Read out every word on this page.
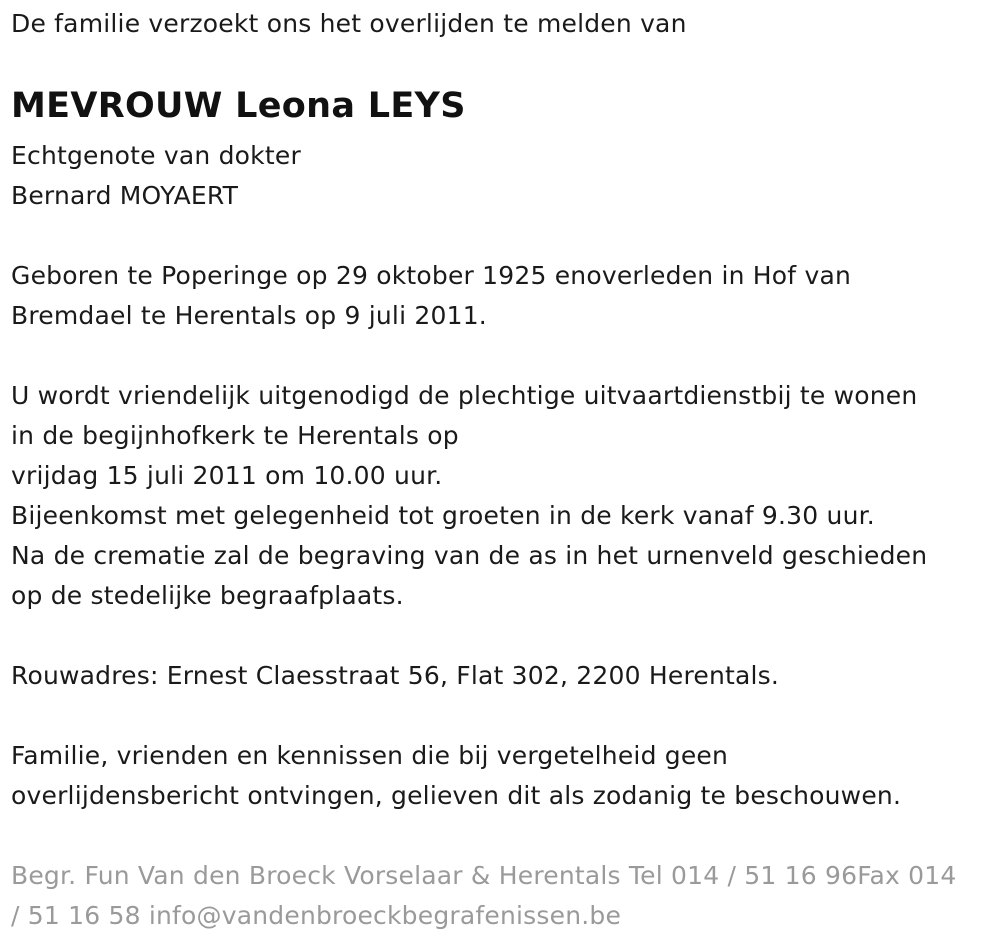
De familie verzoekt ons het overlijden te melden van
MEVROUW Leona LEYS
Echtgenote van dokter
Bernard MOYAERT
Geboren te Poperinge op 29 oktober 1925 enoverleden in Hof van
Bremdael te Herentals op 9 juli 2011.
U wordt vriendelijk uitgenodigd de plechtige uitvaartdienstbij te wonen
in de begijnhofkerk te Herentals op
vrijdag 15 juli 2011 om 10.00 uur.
Bijeenkomst met gelegenheid tot groeten in de kerk vanaf 9.30 uur.
Na de crematie zal de begraving van de as in het urnenveld geschieden
op de stedelijke begraafplaats.
Rouwadres: Ernest Claesstraat 56, Flat 302, 2200 Herentals.
Familie, vrienden en kennissen die bij vergetelheid geen
overlijdensbericht ontvingen, gelieven dit als zodanig te beschouwen.
Begr. Fun Van den Broeck Vorselaar & Herentals Tel 014 / 51 16 96Fax 014
/ 51 16 58 info@vandenbroeckbegrafenissen.be
